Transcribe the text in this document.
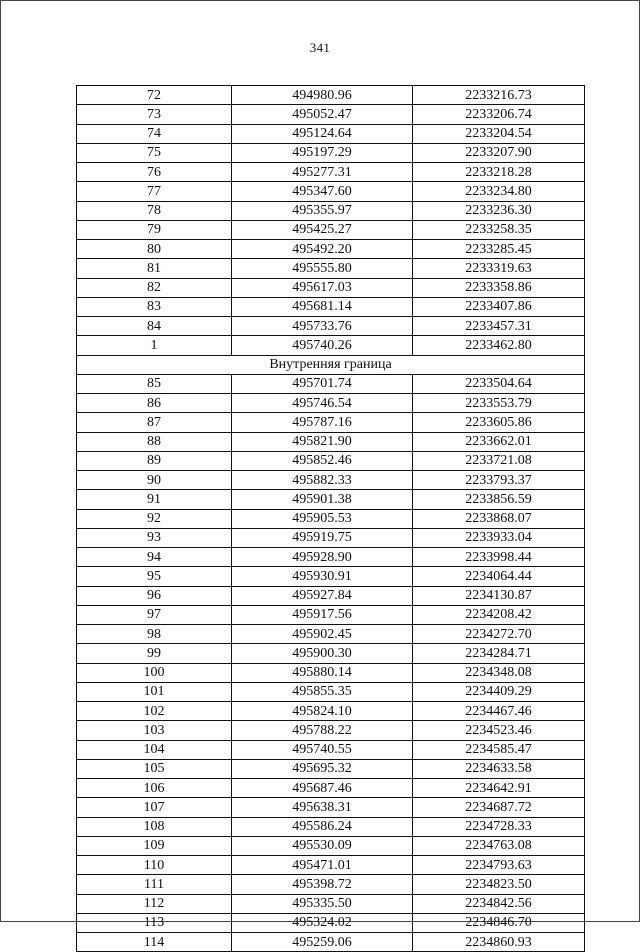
341
72	494980.96	2233216.73
73	495052.47	2233206.74
74	495124.64	2233204.54
75	495197.29	2233207.90
76	495277.31	2233218.28
77	495347.60	2233234.80
78	495355.97	2233236.30
79	495425.27	2233258.35
80	495492.20	2233285.45
81	495555.80	2233319.63
82	495617.03	2233358.86
83	495681.14	2233407.86
84	495733.76	2233457.31
1	495740.26	2233462.80
Внутренняя граница		
85	495701.74	2233504.64
86	495746.54	2233553.79
87	495787.16	2233605.86
88	495821.90	2233662.01
89	495852.46	2233721.08
90	495882.33	2233793.37
91	495901.38	2233856.59
92	495905.53	2233868.07
93	495919.75	2233933.04
94	495928.90	2233998.44
95	495930.91	2234064.44
96	495927.84	2234130.87
97	495917.56	2234208.42
98	495902.45	2234272.70
99	495900.30	2234284.71
100	495880.14	2234348.08
101	495855.35	2234409.29
102	495824.10	2234467.46
103	495788.22	2234523.46
104	495740.55	2234585.47
105	495695.32	2234633.58
106	495687.46	2234642.91
107	495638.31	2234687.72
108	495586.24	2234728.33
109	495530.09	2234763.08
110	495471.01	2234793.63
111	495398.72	2234823.50
112	495335.50	2234842.56
113	495324.02	2234846.70
114	495259.06	2234860.93
